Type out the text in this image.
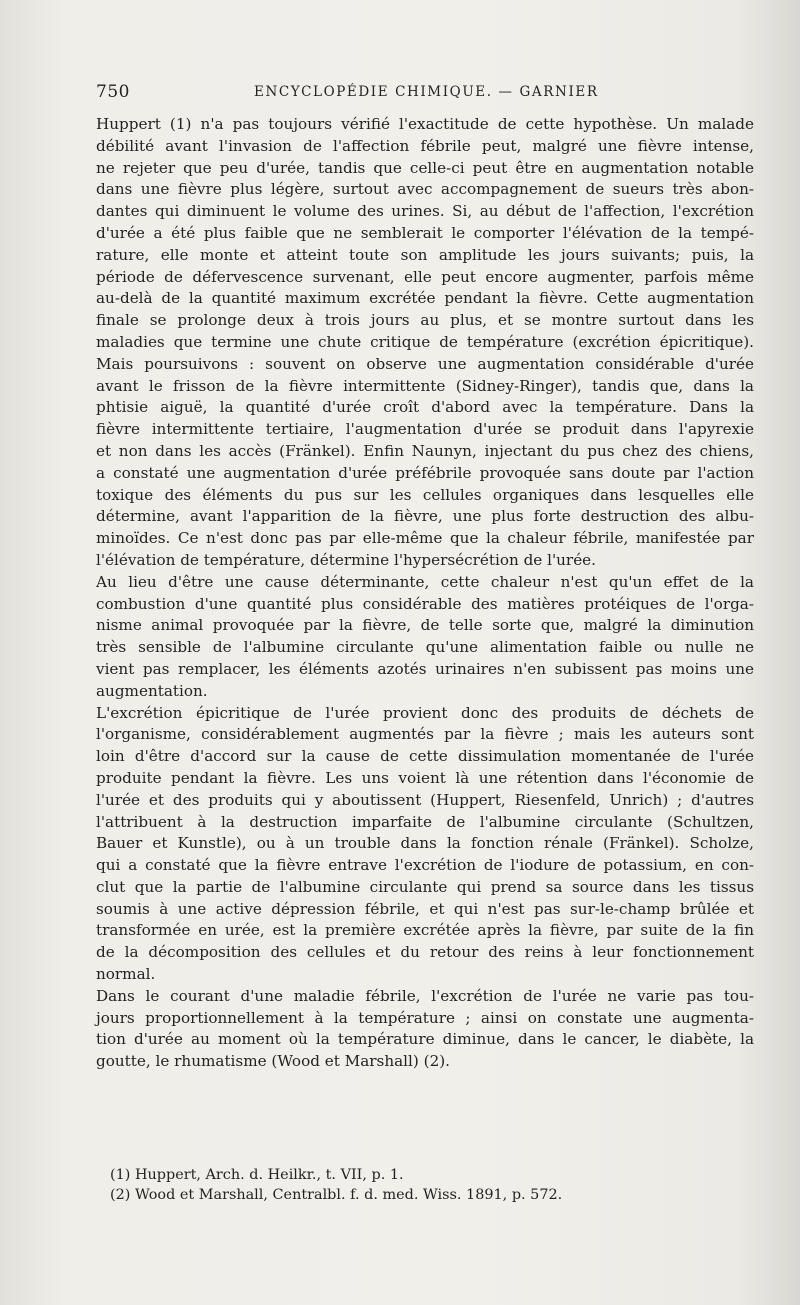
750	ENCYCLOPÉDIE CHIMIQUE. — GARNIER
Huppert (1) n'a pas toujours vérifié l'exactitude de cette hypothèse. Un malade
débilité avant l'invasion de l'affection fébrile peut, malgré une fièvre intense,
ne rejeter que peu d'urée, tandis que celle-ci peut être en augmentation notable
dans une fièvre plus légère, surtout avec accompagnement de sueurs très abon-
dantes qui diminuent le volume des urines. Si, au début de l'affection, l'excrétion
d'urée a été plus faible que ne semblerait le comporter l'élévation de la tempé-
rature, elle monte et atteint toute son amplitude les jours suivants; puis, la
période de défervescence survenant, elle peut encore augmenter, parfois même
au-delà de la quantité maximum excrétée pendant la fièvre. Cette augmentation
finale se prolonge deux à trois jours au plus, et se montre surtout dans les
maladies que termine une chute critique de température (excrétion épicritique).
Mais poursuivons : souvent on observe une augmentation considérable d'urée
avant le frisson de la fièvre intermittente (Sidney-Ringer), tandis que, dans la
phtisie aiguë, la quantité d'urée croît d'abord avec la température. Dans la
fièvre intermittente tertiaire, l'augmentation d'urée se produit dans l'apyrexie
et non dans les accès (Fränkel). Enfin Naunyn, injectant du pus chez des chiens,
a constaté une augmentation d'urée préfébrile provoquée sans doute par l'action
toxique des éléments du pus sur les cellules organiques dans lesquelles elle
détermine, avant l'apparition de la fièvre, une plus forte destruction des albu-
minoïdes. Ce n'est donc pas par elle-même que la chaleur fébrile, manifestée par
l'élévation de température, détermine l'hypersécrétion de l'urée.
Au lieu d'être une cause déterminante, cette chaleur n'est qu'un effet de la
combustion d'une quantité plus considérable des matières protéiques de l'orga-
nisme animal provoquée par la fièvre, de telle sorte que, malgré la diminution
très sensible de l'albumine circulante qu'une alimentation faible ou nulle ne
vient pas remplacer, les éléments azotés urinaires n'en subissent pas moins une
augmentation.
L'excrétion épicritique de l'urée provient donc des produits de déchets de
l'organisme, considérablement augmentés par la fièvre ; mais les auteurs sont
loin d'être d'accord sur la cause de cette dissimulation momentanée de l'urée
produite pendant la fièvre. Les uns voient là une rétention dans l'économie de
l'urée et des produits qui y aboutissent (Huppert, Riesenfeld, Unrich) ; d'autres
l'attribuent à la destruction imparfaite de l'albumine circulante (Schultzen,
Bauer et Kunstle), ou à un trouble dans la fonction rénale (Fränkel). Scholze,
qui a constaté que la fièvre entrave l'excrétion de l'iodure de potassium, en con-
clut que la partie de l'albumine circulante qui prend sa source dans les tissus
soumis à une active dépression fébrile, et qui n'est pas sur-le-champ brûlée et
transformée en urée, est la première excrétée après la fièvre, par suite de la fin
de la décomposition des cellules et du retour des reins à leur fonctionnement
normal.
Dans le courant d'une maladie fébrile, l'excrétion de l'urée ne varie pas tou-
jours proportionnellement à la température ; ainsi on constate une augmenta-
tion d'urée au moment où la température diminue, dans le cancer, le diabète, la
goutte, le rhumatisme (Wood et Marshall) (2).
(1) Huppert, Arch. d. Heilkr., t. VII, p. 1.
(2) Wood et Marshall, Centralbl. f. d. med. Wiss. 1891, p. 572.
